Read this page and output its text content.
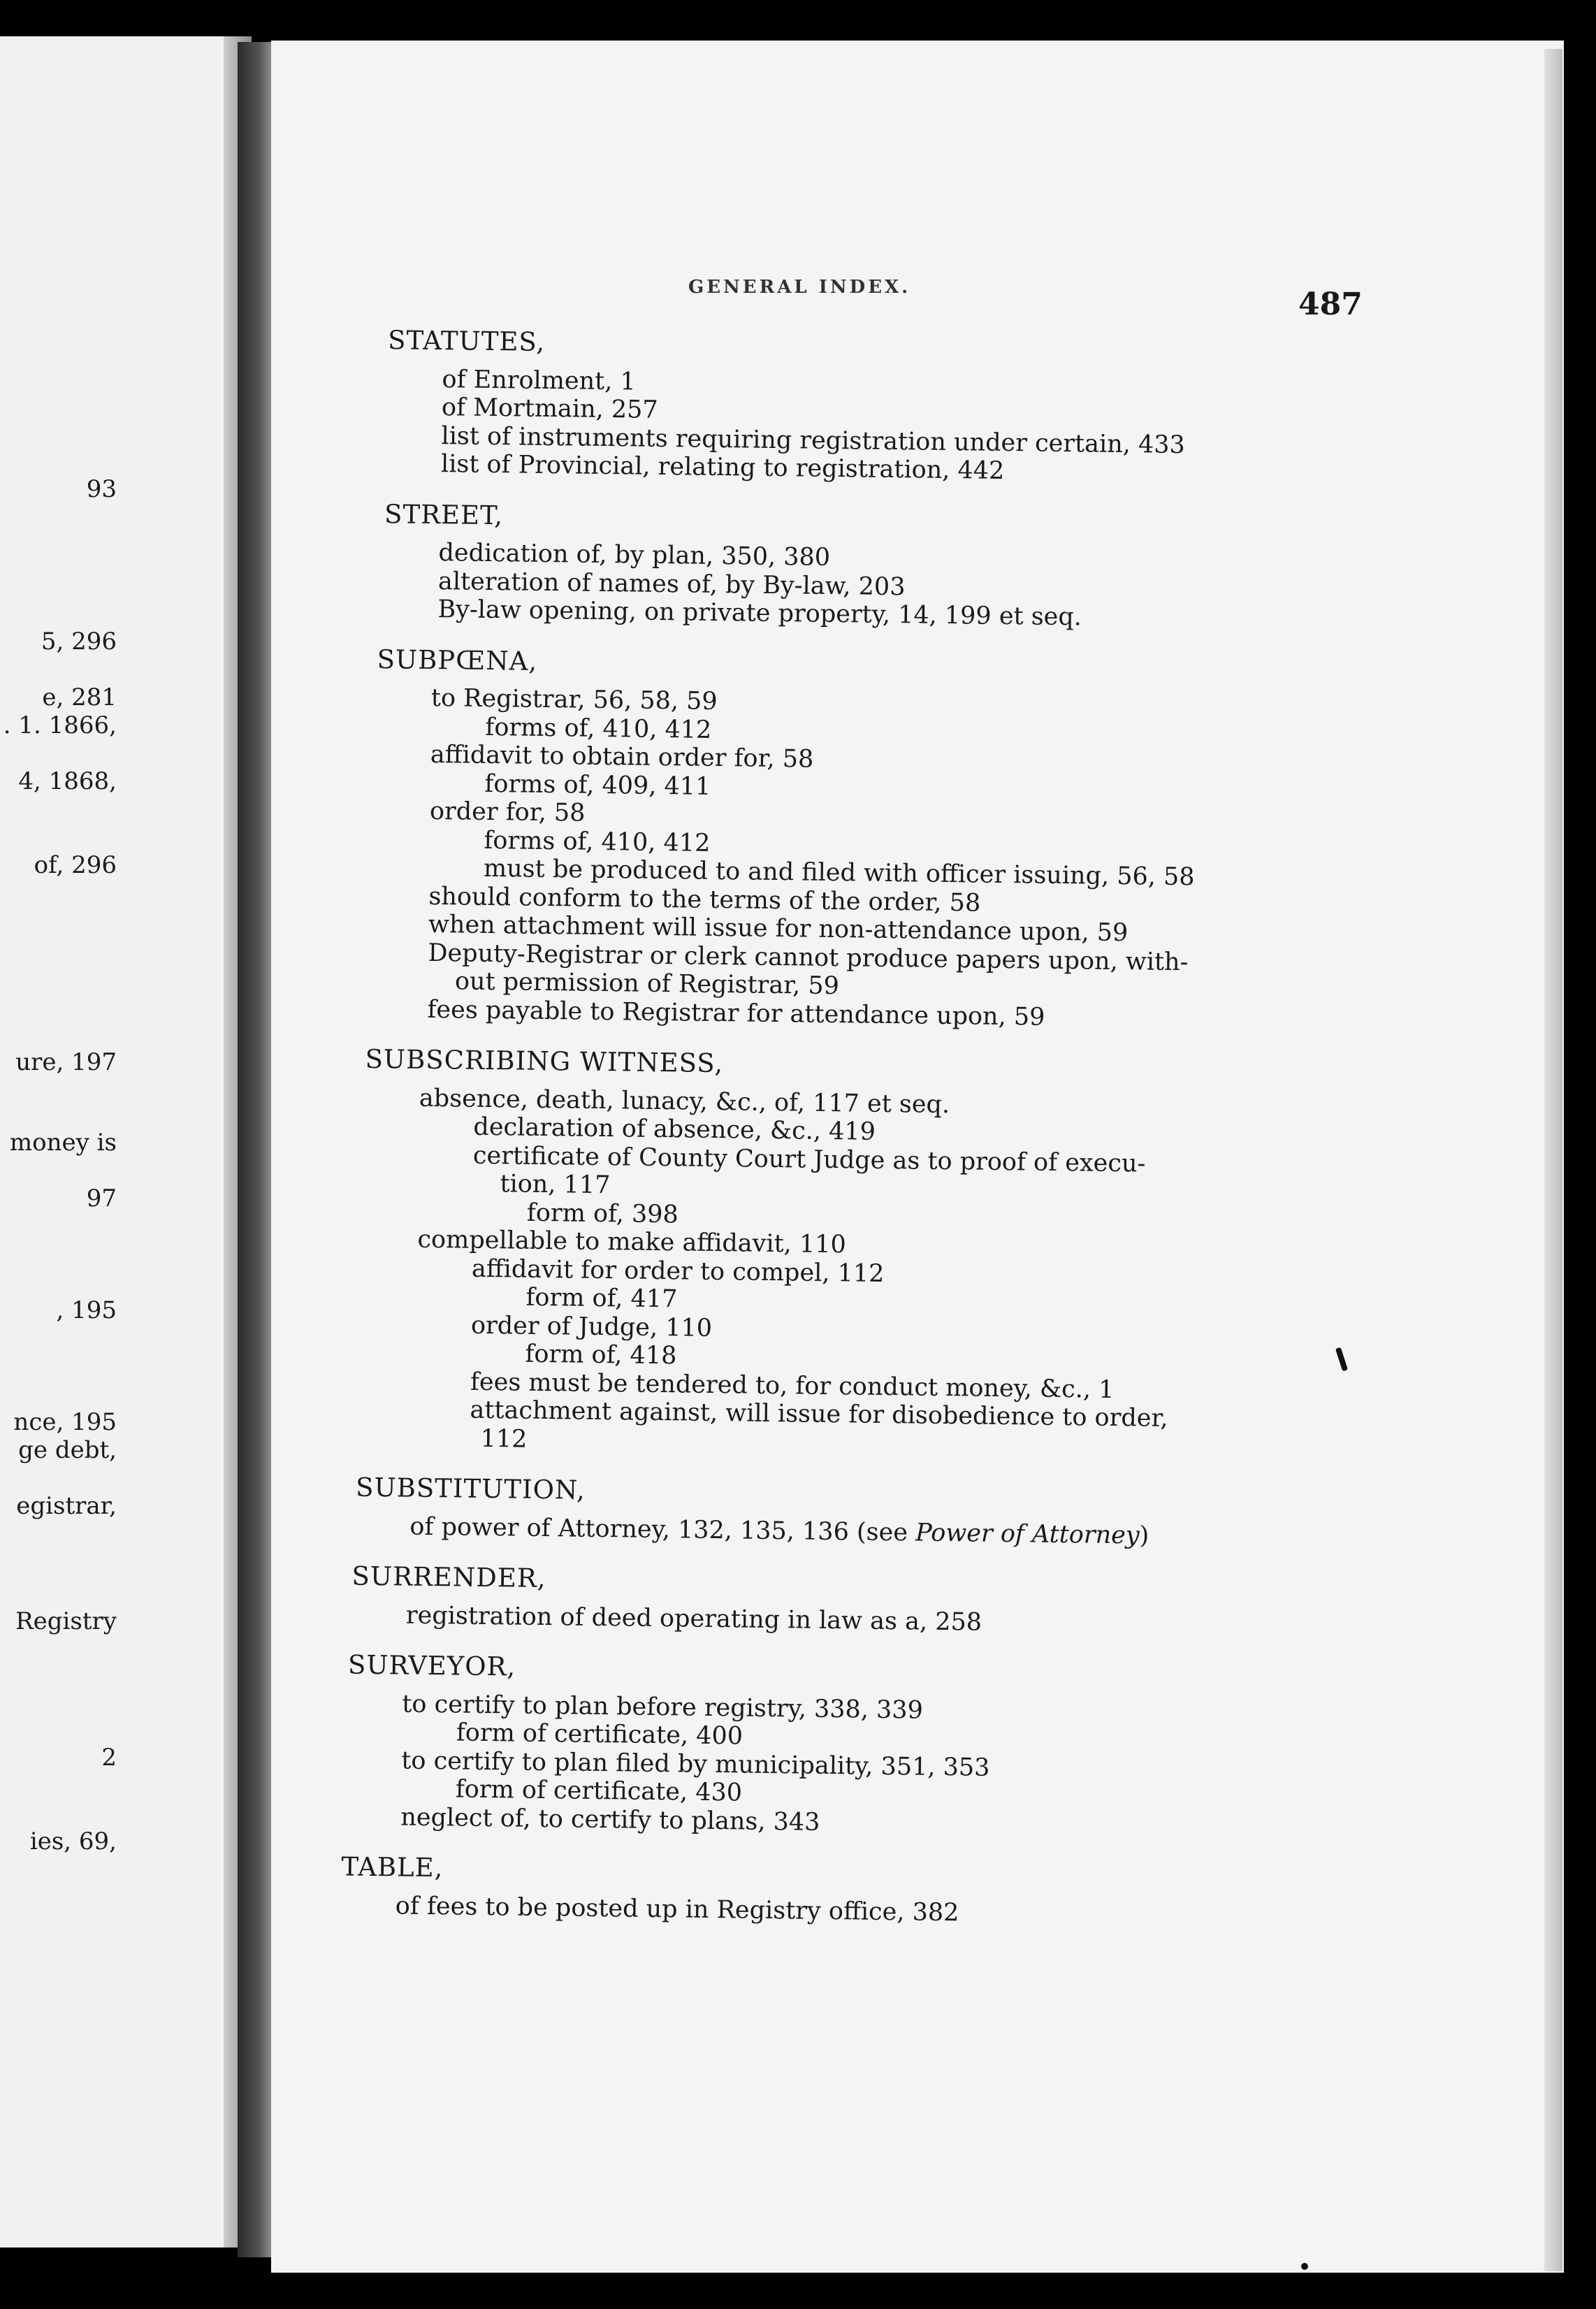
93
5, 296
e, 281
. 1. 1866,
4, 1868,
of, 296
ure, 197
money is
97
, 195
nce, 195
ge debt,
egistrar,
Registry
2
ies, 69,
GENERAL INDEX.	487
STATUTES,
of Enrolment, 1
of Mortmain, 257
list of instruments requiring registration under certain, 433
list of Provincial, relating to registration, 442
STREET,
dedication of, by plan, 350, 380
alteration of names of, by By-law, 203
By-law opening, on private property, 14, 199 et seq.
SUBPŒNA,
to Registrar, 56, 58, 59
forms of, 410, 412
affidavit to obtain order for, 58
forms of, 409, 411
order for, 58
forms of, 410, 412
must be produced to and filed with officer issuing, 56, 58
should conform to the terms of the order, 58
when attachment will issue for non-attendance upon, 59
Deputy-Registrar or clerk cannot produce papers upon, with-
out permission of Registrar, 59
fees payable to Registrar for attendance upon, 59
SUBSCRIBING WITNESS,
absence, death, lunacy, &c., of, 117 et seq.
declaration of absence, &c., 419
certificate of County Court Judge as to proof of execu-
tion, 117
form of, 398
compellable to make affidavit, 110
affidavit for order to compel, 112
form of, 417
order of Judge, 110
form of, 418
fees must be tendered to, for conduct money, &c., 1
attachment against, will issue for disobedience to order,
112
SUBSTITUTION,
of power of Attorney, 132, 135, 136 (see Power of Attorney)
SURRENDER,
registration of deed operating in law as a, 258
SURVEYOR,
to certify to plan before registry, 338, 339
form of certificate, 400
to certify to plan filed by municipality, 351, 353
form of certificate, 430
neglect of, to certify to plans, 343
TABLE,
of fees to be posted up in Registry office, 382
